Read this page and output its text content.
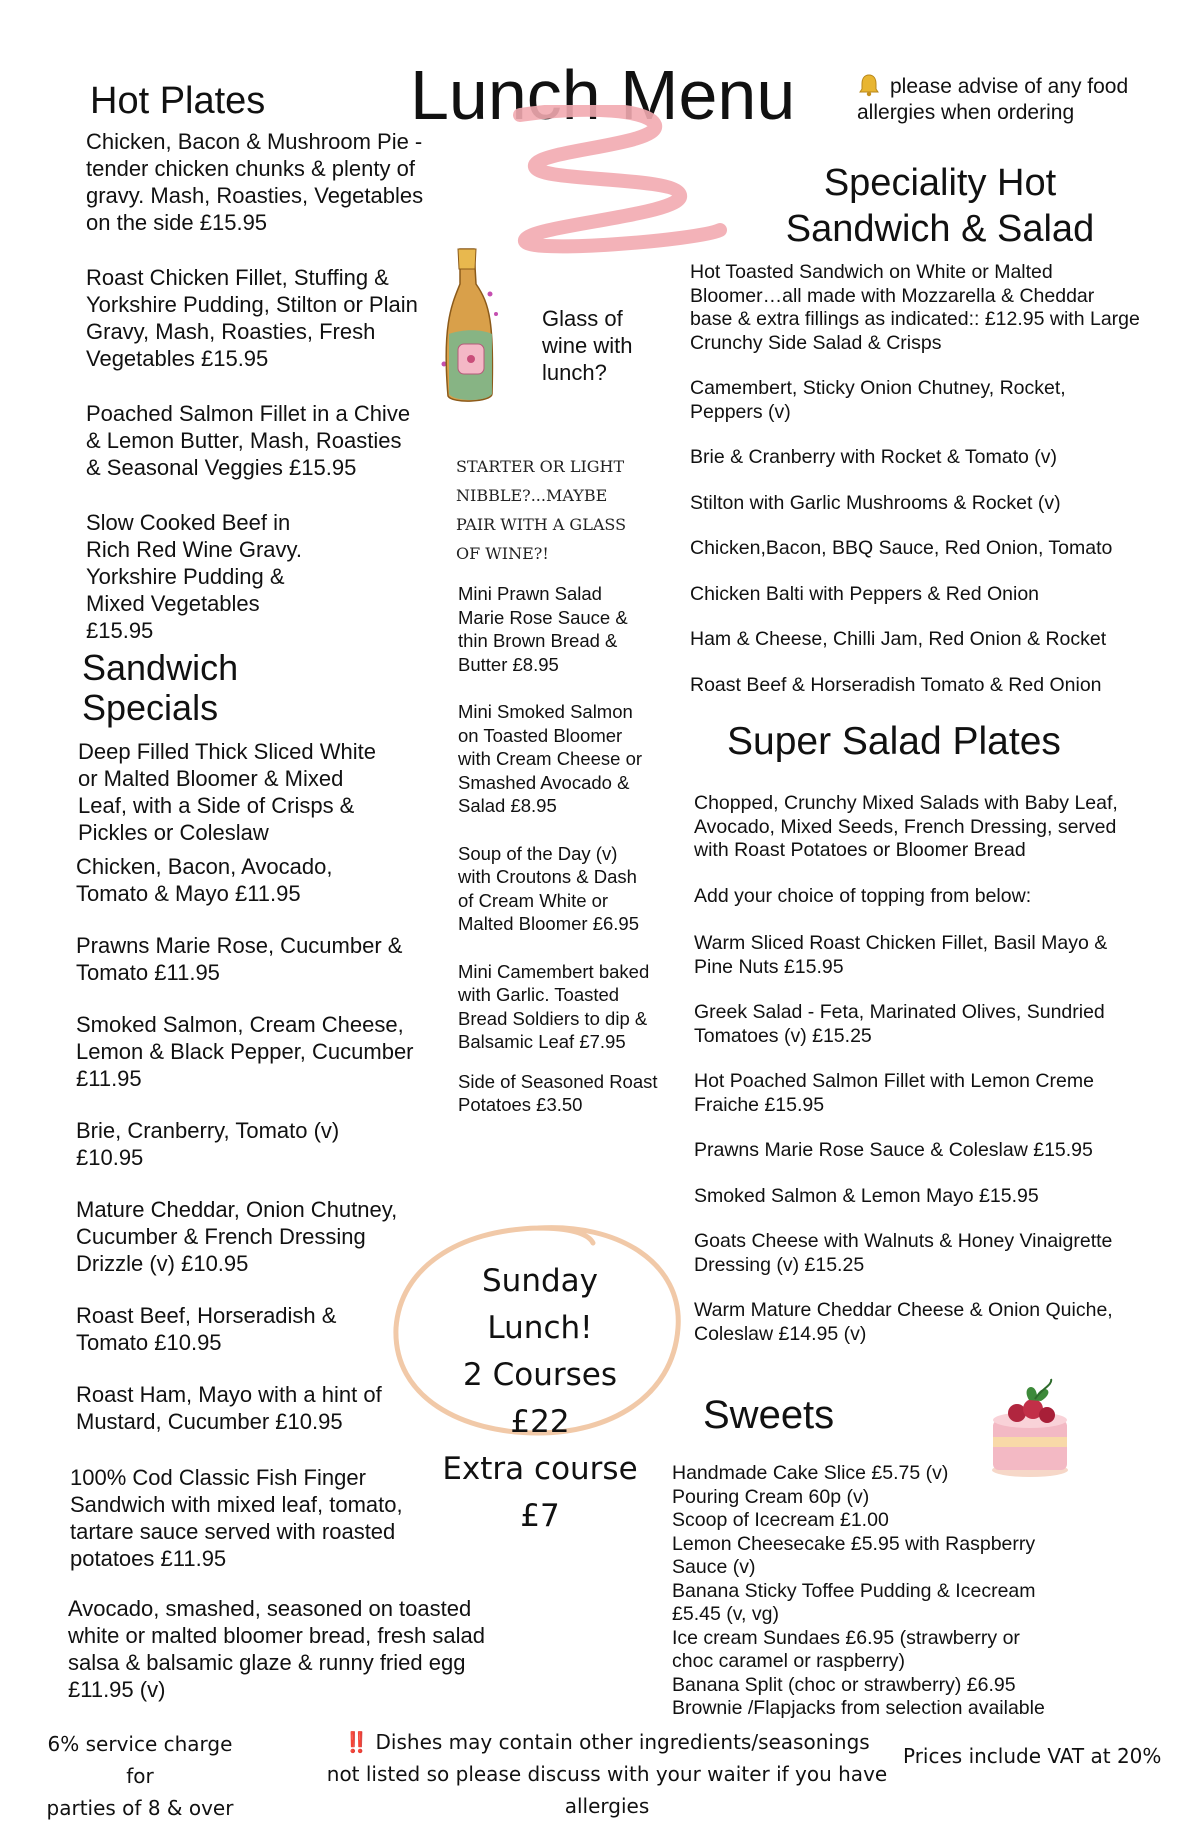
Lunch Menu	please advise of any food allergies when ordering
Hot Plates

Chicken, Bacon & Mushroom Pie - tender chicken chunks & plenty of gravy. Mash, Roasties, Vegetables on the side £15.95

Roast Chicken Fillet, Stuffing & Yorkshire Pudding, Stilton or Plain Gravy, Mash, Roasties, Fresh Vegetables £15.95

Poached Salmon Fillet in a Chive & Lemon Butter, Mash, Roasties & Seasonal Veggies £15.95

Slow Cooked Beef in Rich Red Wine Gravy. Yorkshire Pudding & Mixed Vegetables £15.95

Sandwich Specials

Deep Filled Thick Sliced White or Malted Bloomer & Mixed Leaf, with a Side of Crisps & Pickles or Coleslaw

Chicken, Bacon, Avocado, Tomato & Mayo £11.95

Prawns Marie Rose, Cucumber & Tomato £11.95

Smoked Salmon, Cream Cheese, Lemon & Black Pepper, Cucumber £11.95

Brie, Cranberry, Tomato (v) £10.95

Mature Cheddar, Onion Chutney, Cucumber & French Dressing Drizzle (v) £10.95

Roast Beef, Horseradish & Tomato £10.95

Roast Ham, Mayo with a hint of Mustard, Cucumber £10.95

100% Cod Classic Fish Finger Sandwich with mixed leaf, tomato, tartare sauce served with roasted potatoes £11.95

Avocado, smashed, seasoned on toasted white or malted bloomer bread, fresh salad salsa & balsamic glaze & runny fried egg £11.95 (v)

Glass of wine with lunch?
STARTER OR LIGHT NIBBLE?...MAYBE PAIR WITH A GLASS OF WINE?!

Mini Prawn Salad Marie Rose Sauce & thin Brown Bread & Butter £8.95

Mini Smoked Salmon on Toasted Bloomer with Cream Cheese or Smashed Avocado & Salad £8.95

Soup of the Day (v) with Croutons & Dash of Cream White or Malted Bloomer £6.95

Mini Camembert baked with Garlic. Toasted Bread Soldiers to dip & Balsamic Leaf £7.95

Side of Seasoned Roast Potatoes £3.50

Sunday Lunch!
2 Courses £22
Extra course £7
Speciality Hot
Sandwich & Salad

Hot Toasted Sandwich on White or Malted Bloomer…all made with Mozzarella & Cheddar base & extra fillings as indicated:: £12.95 with Large Crunchy Side Salad & Crisps

Camembert, Sticky Onion Chutney, Rocket, Peppers (v)

Brie & Cranberry with Rocket & Tomato (v)

Stilton with Garlic Mushrooms & Rocket (v)

Chicken,Bacon, BBQ Sauce, Red Onion, Tomato

Chicken Balti with Peppers & Red Onion

Ham & Cheese, Chilli Jam, Red Onion & Rocket

Roast Beef & Horseradish Tomato & Red Onion

Super Salad Plates

Chopped, Crunchy Mixed Salads with Baby Leaf, Avocado, Mixed Seeds, French Dressing, served with Roast Potatoes or Bloomer Bread

Add your choice of topping from below:

Warm Sliced Roast Chicken Fillet, Basil Mayo & Pine Nuts £15.95

Greek Salad - Feta, Marinated Olives, Sundried Tomatoes (v) £15.25

Hot Poached Salmon Fillet with Lemon Creme Fraiche £15.95

Prawns Marie Rose Sauce & Coleslaw £15.95

Smoked Salmon & Lemon Mayo £15.95

Goats Cheese with Walnuts & Honey Vinaigrette Dressing (v) £15.25

Warm Mature Cheddar Cheese & Onion Quiche, Coleslaw £14.95 (v)

Sweets

Handmade Cake Slice £5.75 (v)

Pouring Cream 60p (v)

Scoop of Icecream £1.00

Lemon Cheesecake £5.95 with Raspberry Sauce (v)

Banana Sticky Toffee Pudding & Icecream £5.45 (v, vg)

Ice cream Sundaes £6.95 (strawberry or choc caramel or raspberry)

Banana Split (choc or strawberry) £6.95

Brownie /Flapjacks from selection available

6% service charge for
parties of 8 & over
‼️ Dishes may contain other ingredients/seasonings
not listed so please discuss with your waiter if you have allergies
Prices include VAT at 20%
